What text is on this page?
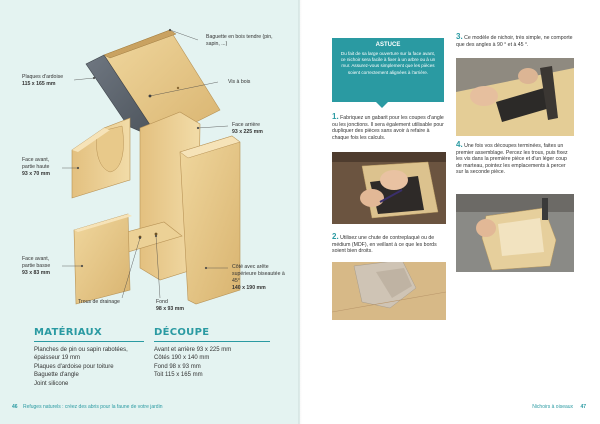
Baguette en bois tendre (pin, sapin, ...)
Plaques d'ardoise
115 x 165 mm	Vis à bois
Face arrière
93 x 225 mm
Face avant, partie haute
93 x 70 mm
Face avant, partie basse
93 x 83 mm
Côté avec arête supérieure biseautée à 45°
140 x 190 mm
Trous de drainage	Fond
98 x 93 mm
MATÉRIAUX
Planches de pin ou sapin rabotées,
épaisseur 19 mm
Plaques d'ardoise pour toiture
Baguette d'angle
Joint silicone
DÉCOUPE
Avant et arrière 93 x 225 mm
Côtés 190 x 140 mm
Fond 98 x 93 mm
Toit 115 x 165 mm
ASTUCE
Du fait de sa large ouverture sur la face avant, ce nichoir sera facile à fixer à un arbre ou à un mur. Assurez-vous simplement que les pièces soient correctement alignées à l'arrière.
1. Fabriquez un gabarit pour les coupes d'angle ou les jonctions. Il sera également utilisable pour dupliquer des pièces sans avoir à refaire à chaque fois les calculs.
2. Utilisez une chute de contreplaqué ou de médium (MDF), en veillant à ce que les bords soient bien droits.
3. Ce modèle de nichoir, très simple, ne comporte que des angles à 90 ° et à 45 °.
4. Une fois vos découpes terminées, faites un premier assemblage. Percez les trous, puis fixez les vis dans la première pièce et d'un léger coup de marteau, pointez les emplacements à percer sur la seconde pièce.
46 Refuges naturels : créez des abris pour la faune de votre jardin	Nichoirs à oiseaux 47
